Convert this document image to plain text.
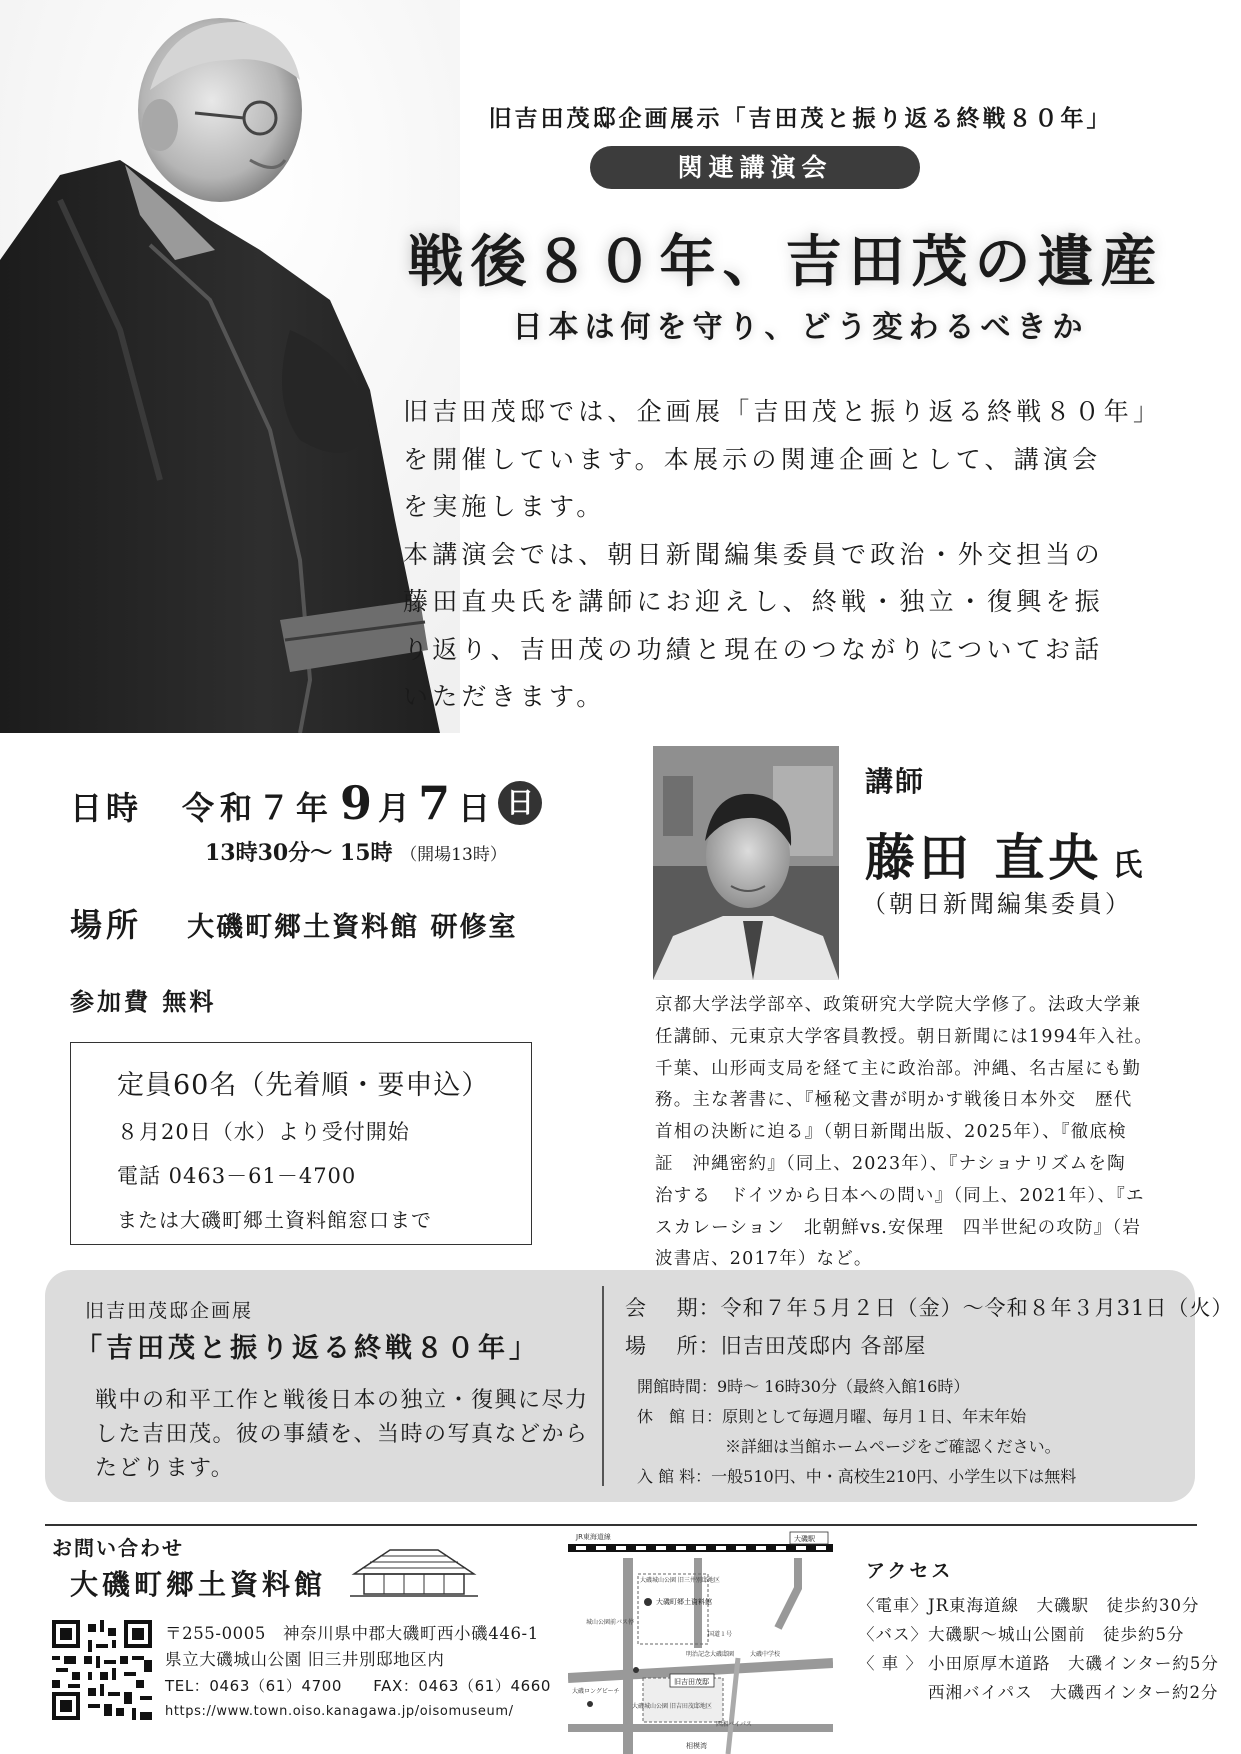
旧吉田茂邸企画展示「吉田茂と振り返る終戦８０年」
関連講演会
戦後８０年、吉田茂の遺産
日本は何を守り、どう変わるべきか

旧吉田茂邸では、企画展「吉田茂と振り返る終戦８０年」

を開催しています。本展示の関連企画として、講演会

を実施します。

本講演会では、朝日新聞編集委員で政治・外交担当の

藤田直央氏を講師にお迎えし、終戦・独立・復興を振

り返り、吉田茂の功績と現在のつながりについてお話

いただきます。

日時 令和７年 9 月 7 日 日
13時30分～ 15時 （開場13時）
場所 大磯町郷土資料館 研修室
参加費 無料
定員60名（先着順・要申込）
８月20日（水）より受付開始
電話 0463－61－4700
または大磯町郷土資料館窓口まで
講師
藤田 直央 氏
（朝日新聞編集委員）

京都大学法学部卒、政策研究大学院大学修了。法政大学兼

任講師、元東京大学客員教授。朝日新聞には1994年入社。

千葉、山形両支局を経て主に政治部。沖縄、名古屋にも勤

務。主な著書に、『極秘文書が明かす戦後日本外交　歴代

首相の決断に迫る』（朝日新聞出版、2025年）、『徹底検

証　沖縄密約』（同上、2023年）、『ナショナリズムを陶

治する　ドイツから日本への問い』（同上、2021年）、『エ

スカレーション　北朝鮮vs.安保理　四半世紀の攻防』（岩

波書店、2017年）など。

旧吉田茂邸企画展
「吉田茂と振り返る終戦８０年」

戦中の和平工作と戦後日本の独立・復興に尽力

した吉田茂。彼の事績を、当時の写真などから

たどります。

会　 期：令和７年５月２日（金）～令和８年３月31日（火）
場　 所：旧吉田茂邸内 各部屋
開館時間：9時～ 16時30分（最終入館16時）
休　館 日：原則として毎週月曜、毎月１日、年末年始
※詳細は当館ホームページをご確認ください。
入 館 料：一般510円、中・高校生210円、小学生以下は無料
お問い合わせ
大磯町郷土資料館
〒255-0005　神奈川県中郡大磯町西小磯446-1
県立大磯城山公園 旧三井別邸地区内
TEL：0463（61）4700　　FAX：0463（61）4660
https://www.town.oiso.kanagawa.jp/oisomuseum/
JR東海道線	大磯駅
大磯城山公園 旧三井別邸地区
大磯町郷土資料館
城山公園前バス停
国道１号
明治記念大磯邸園	大磯中学校
旧吉田茂邸
大磯城山公園 旧吉田茂邸地区
大磯ロングビーチ
西湘バイパス
相模湾
アクセス
〈電車〉JR東海道線　大磯駅　徒歩約30分
〈バス〉大磯駅～城山公園前　徒歩約5分
〈 車 〉 小田原厚木道路　大磯インター約5分
西湘バイパス　大磯西インター約2分
